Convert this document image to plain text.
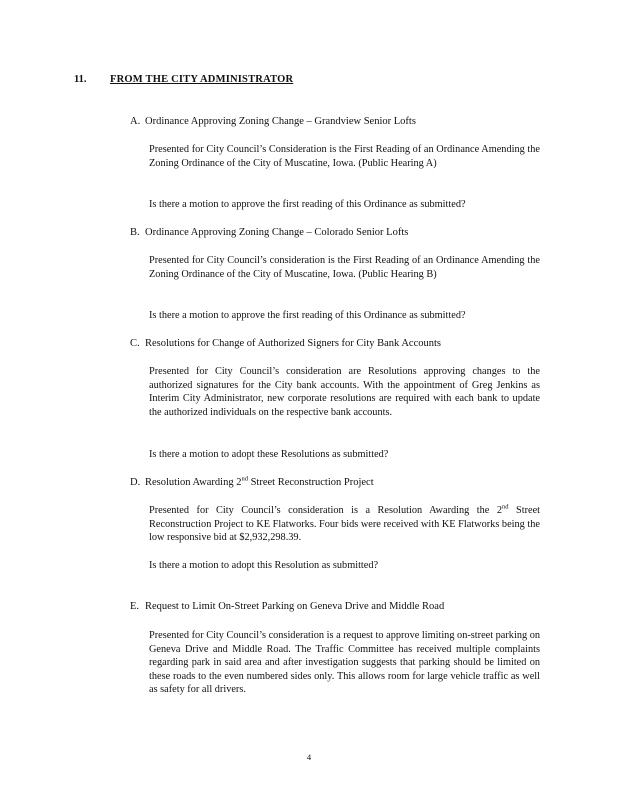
11. FROM THE CITY ADMINISTRATOR
A. Ordinance Approving Zoning Change – Grandview Senior Lofts

Presented for City Council’s Consideration is the First Reading of an Ordinance Amending the Zoning Ordinance of the City of Muscatine, Iowa. (Public Hearing A)

Is there a motion to approve the first reading of this Ordinance as submitted?

B. Ordinance Approving Zoning Change – Colorado Senior Lofts

Presented for City Council’s consideration is the First Reading of an Ordinance Amending the Zoning Ordinance of the City of Muscatine, Iowa. (Public Hearing B)

Is there a motion to approve the first reading of this Ordinance as submitted?

C. Resolutions for Change of Authorized Signers for City Bank Accounts

Presented for City Council’s consideration are Resolutions approving changes to the authorized signatures for the City bank accounts. With the appointment of Greg Jenkins as Interim City Administrator, new corporate resolutions are required with each bank to update the authorized individuals on the respective bank accounts.

Is there a motion to adopt these Resolutions as submitted?

D. Resolution Awarding 2nd Street Reconstruction Project

Presented for City Council’s consideration is a Resolution Awarding the 2nd Street Reconstruction Project to KE Flatworks. Four bids were received with KE Flatworks being the low responsive bid at $2,932,298.39.

Is there a motion to adopt this Resolution as submitted?

E. Request to Limit On-Street Parking on Geneva Drive and Middle Road

Presented for City Council’s consideration is a request to approve limiting on-street parking on Geneva Drive and Middle Road. The Traffic Committee has received multiple complaints regarding park in said area and after investigation suggests that parking should be limited on these roads to the even numbered sides only. This allows room for large vehicle traffic as well as safety for all drivers.

4
